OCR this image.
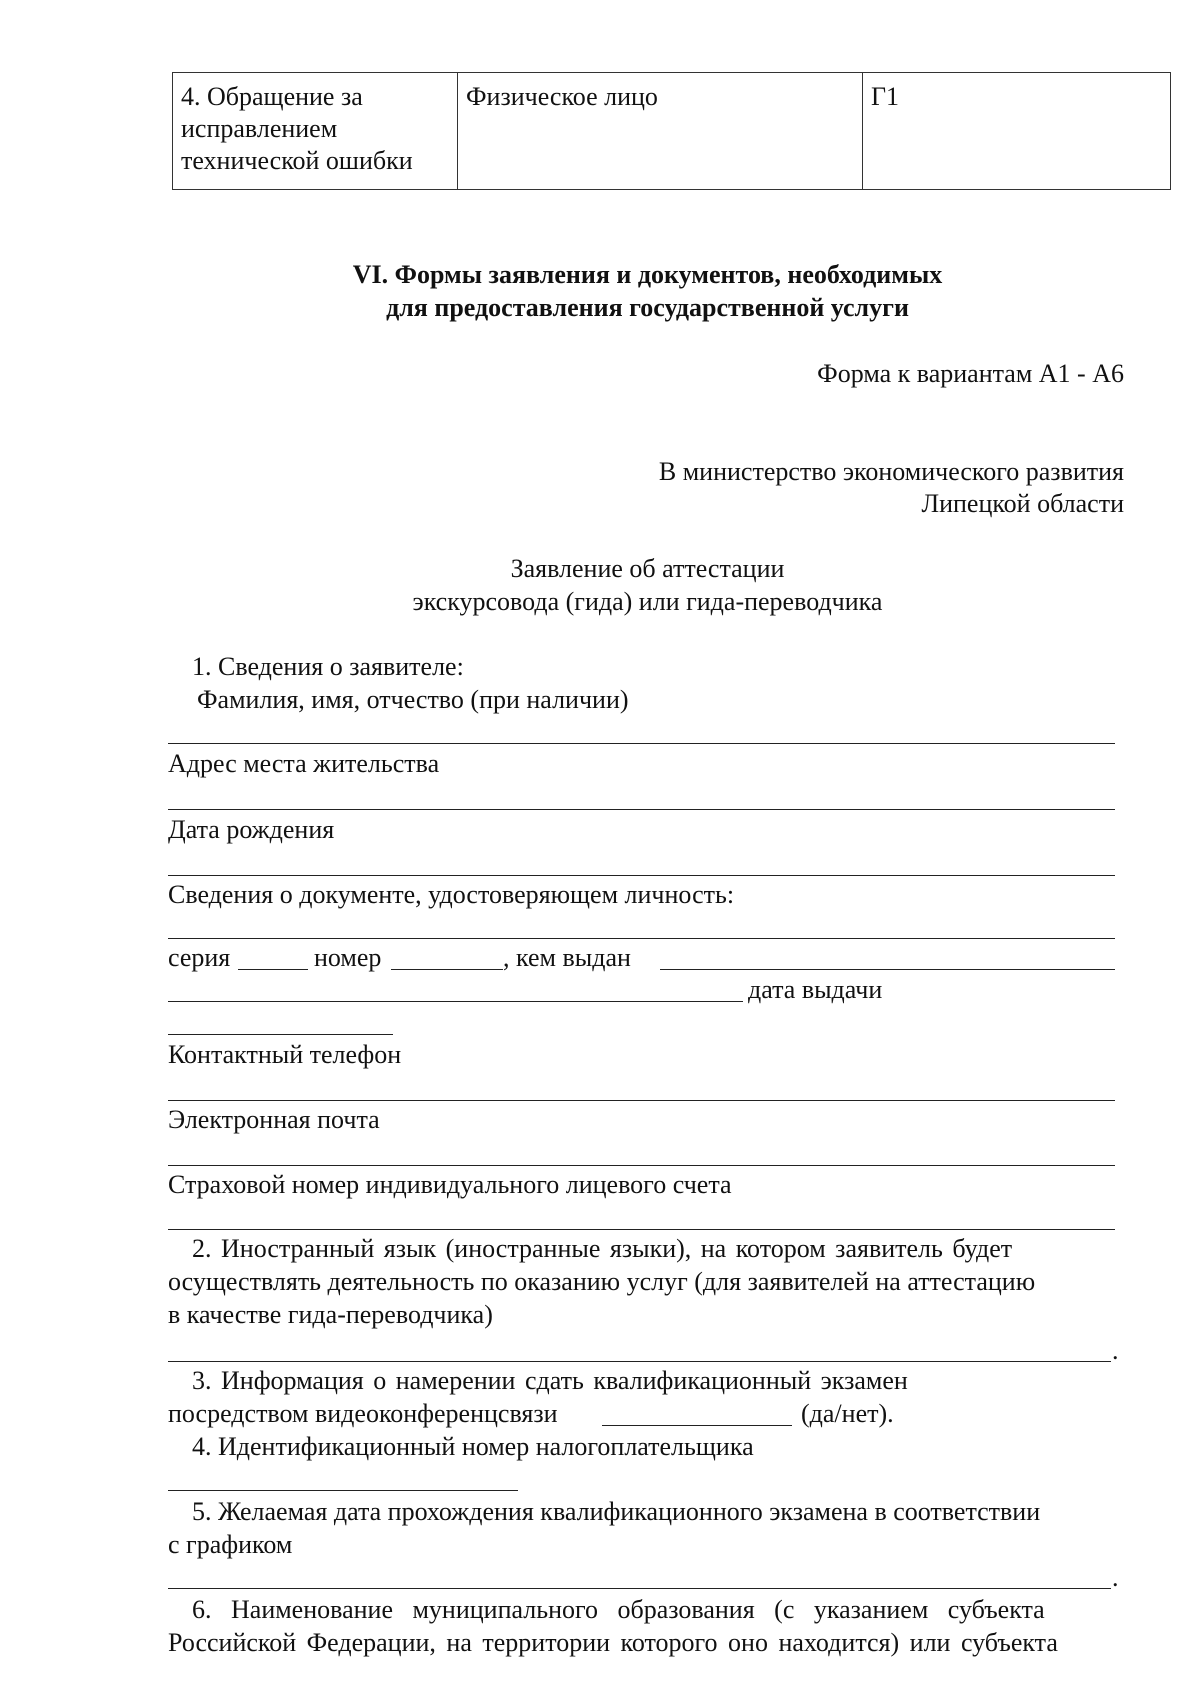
4. Обращение за исправлением технической ошибки	Физическое лицо	Г1
VI. Формы заявления и документов, необходимых
для предоставления государственной услуги
Форма к вариантам А1 - А6
В министерство экономического развития
Липецкой области
Заявление об аттестации
экскурсовода (гида) или гида-переводчика
1. Сведения о заявителе:
Фамилия, имя, отчество (при наличии)
Адрес места жительства
Дата рождения
Сведения о документе, удостоверяющем личность:
серия	номер	, кем выдан
дата выдачи
Контактный телефон
Электронная почта
Страховой номер индивидуального лицевого счета
2. Иностранный язык (иностранные языки), на котором заявитель будет
осуществлять деятельность по оказанию услуг (для заявителей на аттестацию
в качестве гида-переводчика)
.
3. Информация о намерении сдать квалификационный экзамен
посредством видеоконференцсвязи	(да/нет).
4. Идентификационный номер налогоплательщика
5. Желаемая дата прохождения квалификационного экзамена в соответствии
с графиком
.
6. Наименование муниципального образования (с указанием субъекта
Российской Федерации, на территории которого оно находится) или субъекта
